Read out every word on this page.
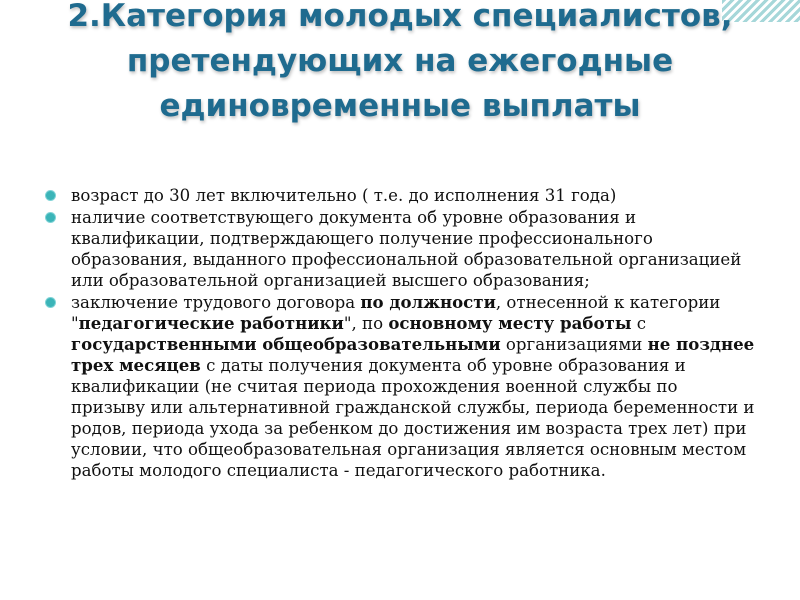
2.Категория молодых специалистов, претендующих на ежегодные единовременные выплаты
возраст до 30 лет включительно ( т.е. до исполнения 31 года)
наличие соответствующего документа об уровне образования и квалификации, подтверждающего получение профессионального образования, выданного профессиональной образовательной организацией или образовательной организацией высшего образования;
заключение трудового договора по должности, отнесенной к категории "педагогические работники", по основному месту работы с государственными общеобразовательными организациями не позднее трех месяцев с даты получения документа об уровне образования и квалификации (не считая периода прохождения военной службы по призыву или альтернативной гражданской службы, периода беременности и родов, периода ухода за ребенком до достижения им возраста трех лет) при условии, что общеобразовательная организация является основным местом работы молодого специалиста - педагогического работника.
